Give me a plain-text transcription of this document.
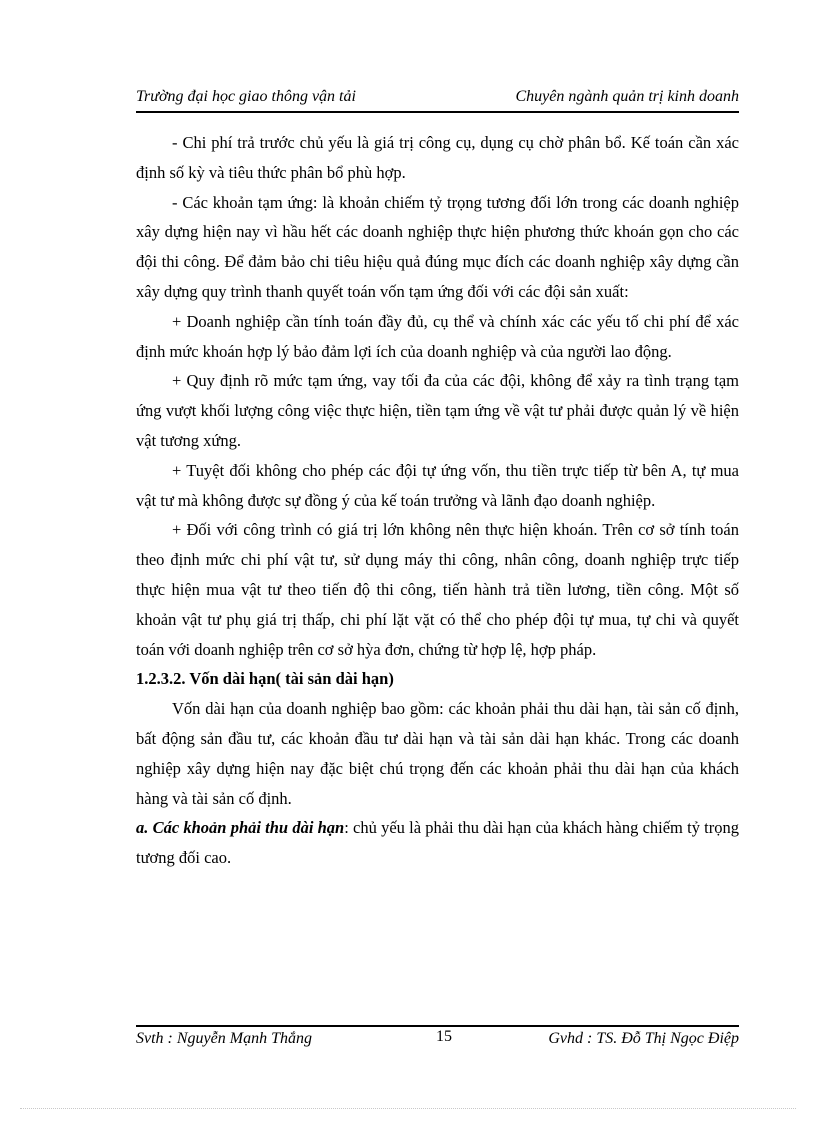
Trường đại học giao thông vận tải	Chuyên ngành quản trị kinh doanh

- Chi phí trả trước chủ yếu là giá trị công cụ, dụng cụ chờ phân bổ. Kế toán cần xác định số kỳ và tiêu thức phân bổ phù hợp.

- Các khoản tạm ứng: là khoản chiếm tỷ trọng tương đối lớn trong các doanh nghiệp xây dựng hiện nay vì hầu hết các doanh nghiệp thực hiện phương thức khoán gọn cho các đội thi công. Để đảm bảo chi tiêu hiệu quả đúng mục đích các doanh nghiệp xây dựng cần xây dựng quy trình thanh quyết toán vốn tạm ứng đối với các đội sản xuất:

+ Doanh nghiệp cần tính toán đầy đủ, cụ thể và chính xác các yếu tố chi phí để xác định mức khoán hợp lý bảo đảm lợi ích của doanh nghiệp và của người lao động.

+ Quy định rõ mức tạm ứng, vay tối đa của các đội, không để xảy ra tình trạng tạm ứng vượt khối lượng công việc thực hiện, tiền tạm ứng về vật tư phải được quản lý về hiện vật tương xứng.

+ Tuyệt đối không cho phép các đội tự ứng vốn, thu tiền trực tiếp từ bên A, tự mua vật tư mà không được sự đồng ý của kế toán trưởng và lãnh đạo doanh nghiệp.

+ Đối với công trình có giá trị lớn không nên thực hiện khoán. Trên cơ sở tính toán theo định mức chi phí vật tư, sử dụng máy thi công, nhân công, doanh nghiệp trực tiếp thực hiện mua vật tư theo tiến độ thi công, tiến hành trả tiền lương, tiền công. Một số khoản vật tư phụ giá trị thấp, chi phí lặt vặt có thể cho phép đội tự mua, tự chi và quyết toán với doanh nghiệp trên cơ sở hỳa đơn, chứng từ hợp lệ, hợp pháp.

1.2.3.2. Vốn dài hạn( tài sản dài hạn)

Vốn dài hạn của doanh nghiệp bao gồm: các khoản phải thu dài hạn, tài sản cố định, bất động sản đầu tư, các khoản đầu tư dài hạn và tài sản dài hạn khác. Trong các doanh nghiệp xây dựng hiện nay đặc biệt chú trọng đến các khoản phải thu dài hạn của khách hàng và tài sản cố định.

a. Các khoản phải thu dài hạn: chủ yếu là phải thu dài hạn của khách hàng chiếm tỷ trọng tương đối cao.

Svth : Nguyễn Mạnh Thắng	15	Gvhd : TS. Đỗ Thị Ngọc Điệp
